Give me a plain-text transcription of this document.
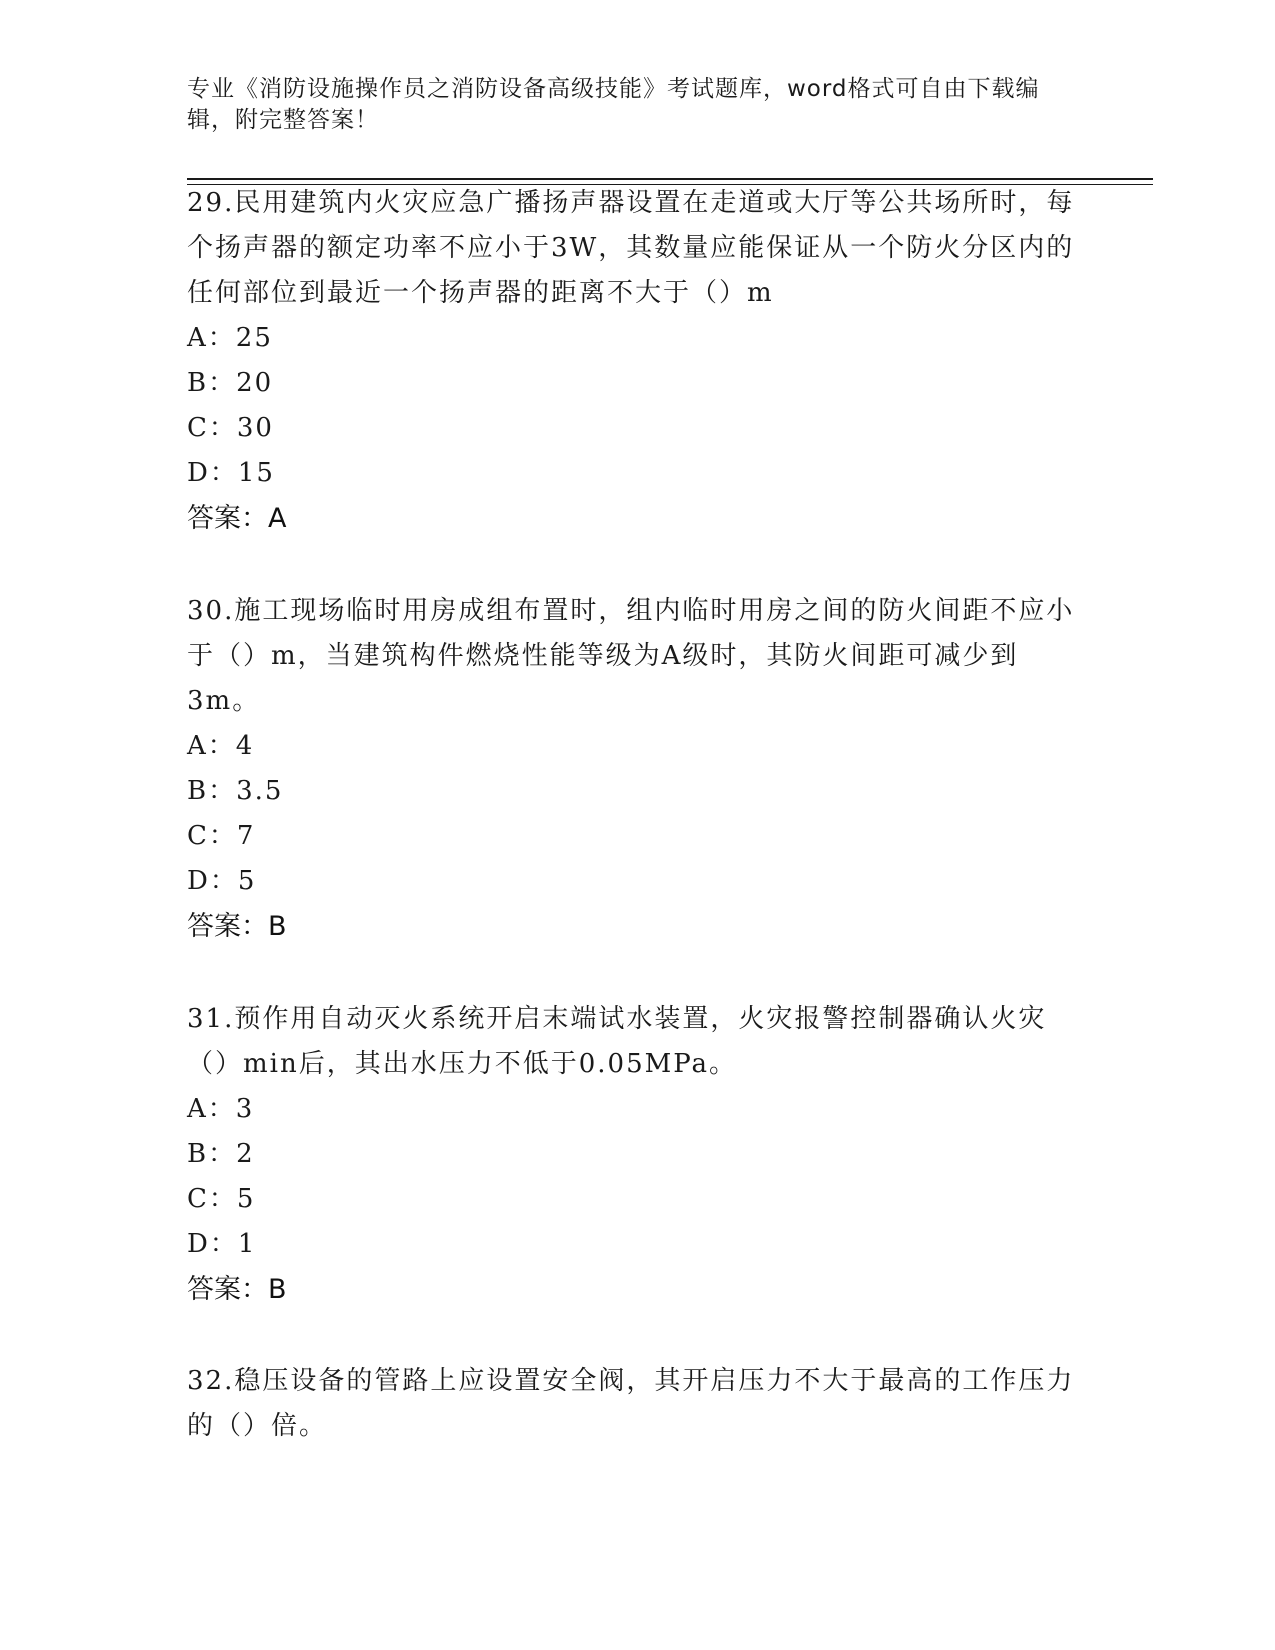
专业《消防设施操作员之消防设备高级技能》考试题库，word格式可自由下载编辑，附完整答案！

29.民用建筑内火灾应急广播扬声器设置在走道或大厅等公共场所时，每个扬声器的额定功率不应小于3W，其数量应能保证从一个防火分区内的任何部位到最近一个扬声器的距离不大于（）m

A：25

B：20

C：30

D：15

答案：A

30.施工现场临时用房成组布置时，组内临时用房之间的防火间距不应小于（）m，当建筑构件燃烧性能等级为A级时，其防火间距可减少到3m。

A：4

B：3.5

C：7

D：5

答案：B

31.预作用自动灭火系统开启末端试水装置，火灾报警控制器确认火灾（）min后，其出水压力不低于0.05MPa。

A：3

B：2

C：5

D：1

答案：B

32.稳压设备的管路上应设置安全阀，其开启压力不大于最高的工作压力的（）倍。
